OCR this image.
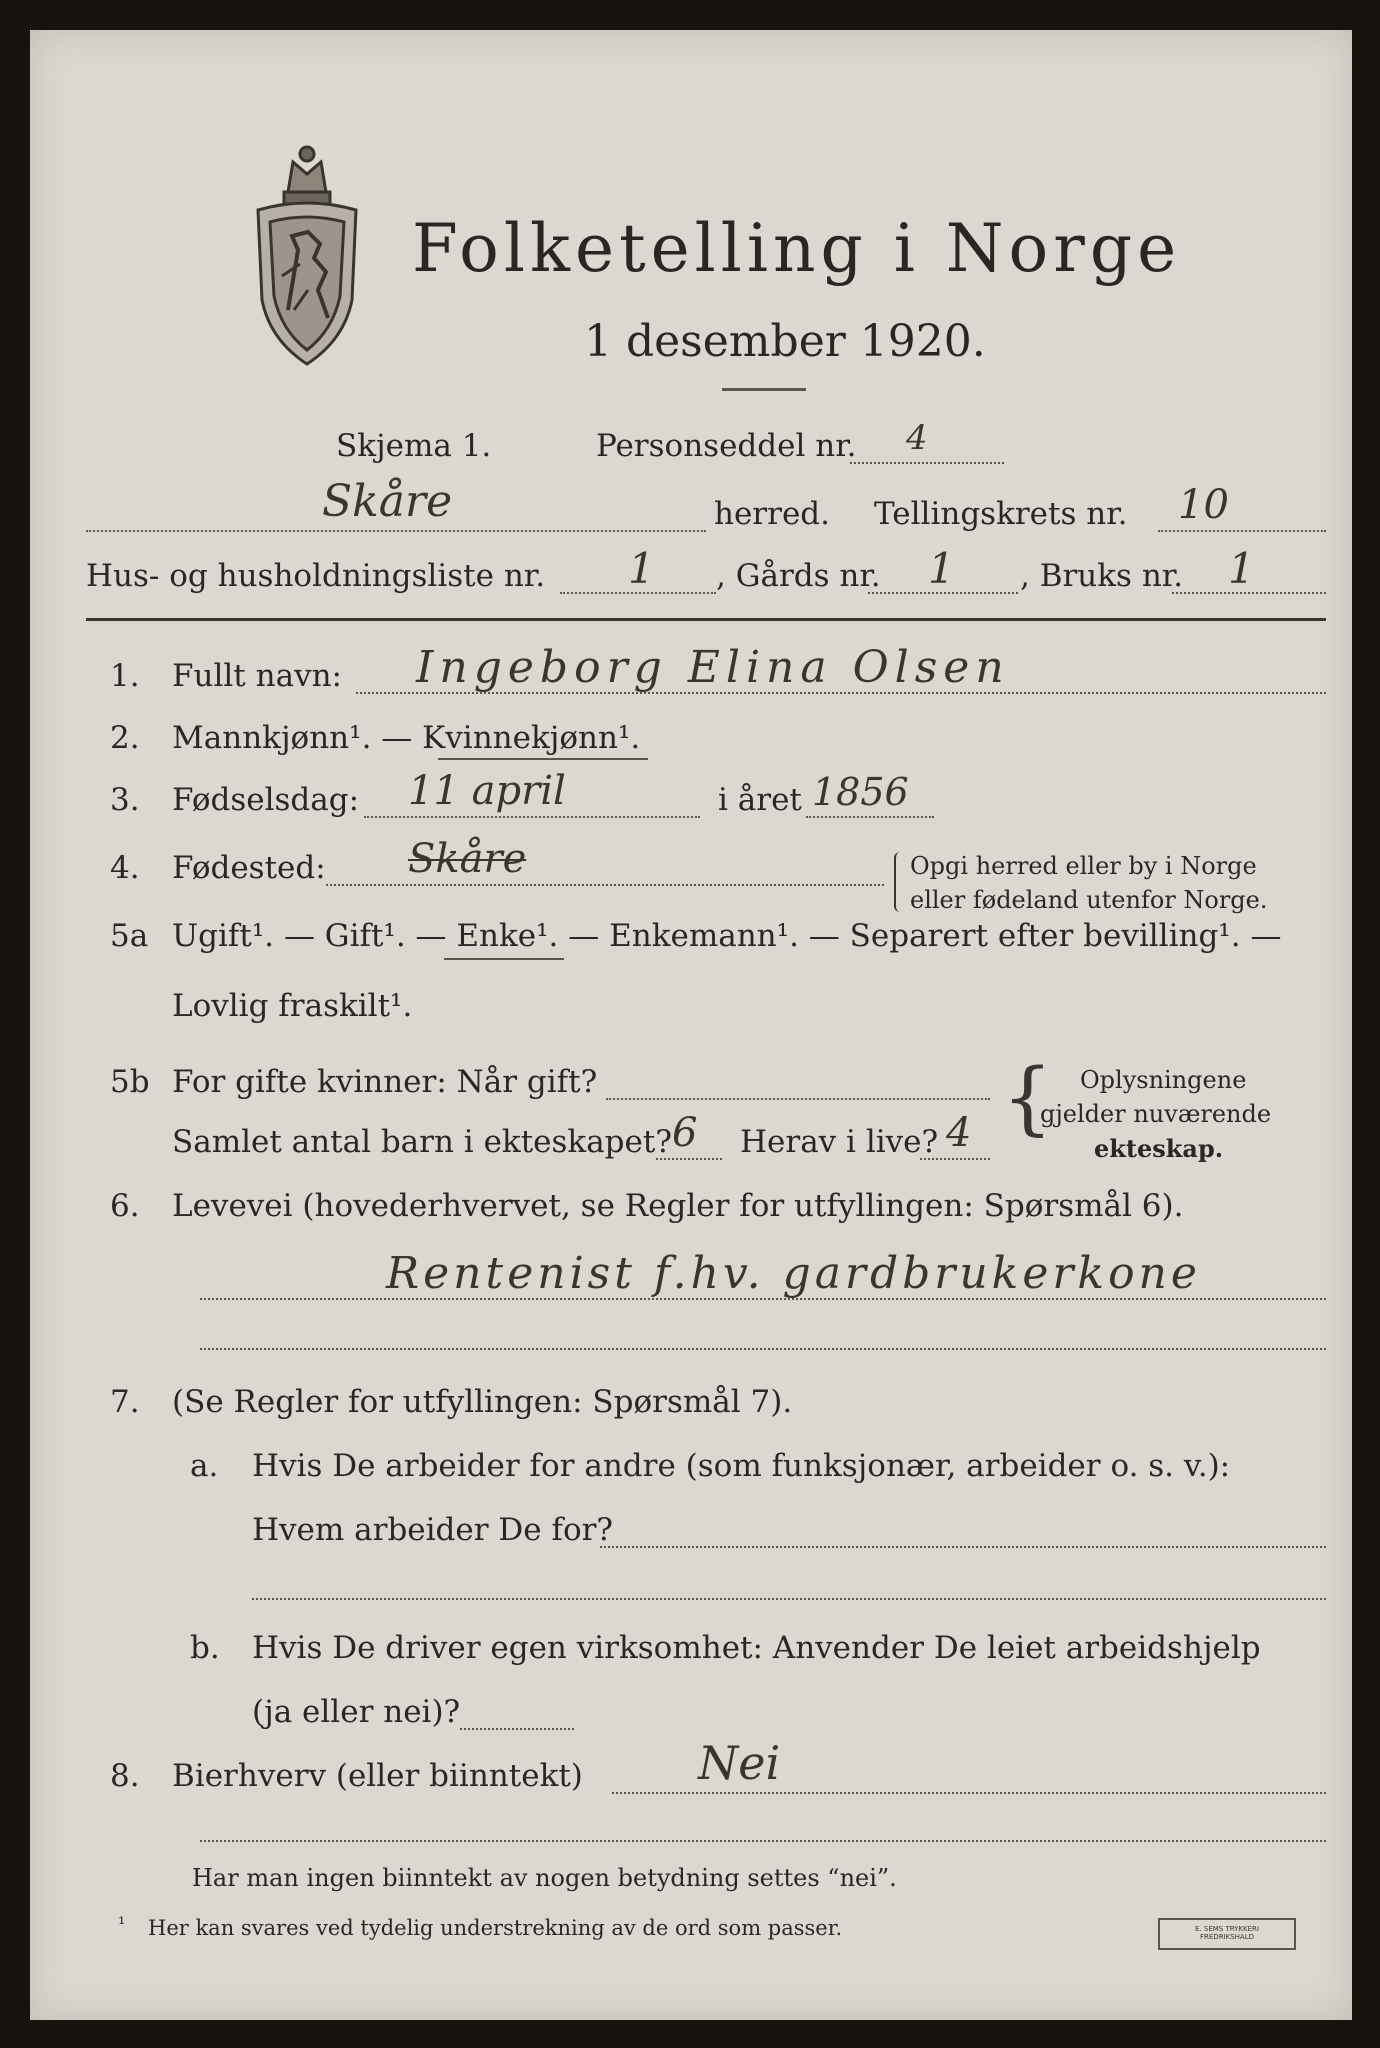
Folketelling i Norge
1 desember 1920.
Skjema 1.	Personseddel nr. 4
Skåre	herred. Tellingskrets nr. 10
Hus- og husholdningsliste nr. 1 , Gårds nr. 1 , Bruks nr. 1
1. Fullt navn: Ingeborg Elina Olsen
2. Mannkjønn¹. — Kvinnekjønn¹.
3. Fødselsdag: 11 april	i året 1856
4. Fødested: Skåre	Opgi herred eller by i Norge
eller fødeland utenfor Norge.
5a Ugift¹. — Gift¹. — Enke¹. — Enkemann¹. — Separert efter bevilling¹. —
Lovlig fraskilt¹.
5b For gifte kvinner: Når gift?
Samlet antal barn i ekteskapet? 6 Herav i live? 4 { Oplysningene
gjelder nuværende
ekteskap.
6. Levevei (hovederhvervet, se Regler for utfyllingen: Spørsmål 6).
Rentenist f.hv. gardbrukerkone
7. (Se Regler for utfyllingen: Spørsmål 7).
a. Hvis De arbeider for andre (som funksjonær, arbeider o. s. v.):
Hvem arbeider De for?
b. Hvis De driver egen virksomhet: Anvender De leiet arbeidshjelp
(ja eller nei)?
8. Bierhverv (eller biinntekt)	Nei
Har man ingen biinntekt av nogen betydning settes “nei”.
¹ Her kan svares ved tydelig understrekning av de ord som passer.	E. SEMS TRYKKERI FREDRIKSHALD
